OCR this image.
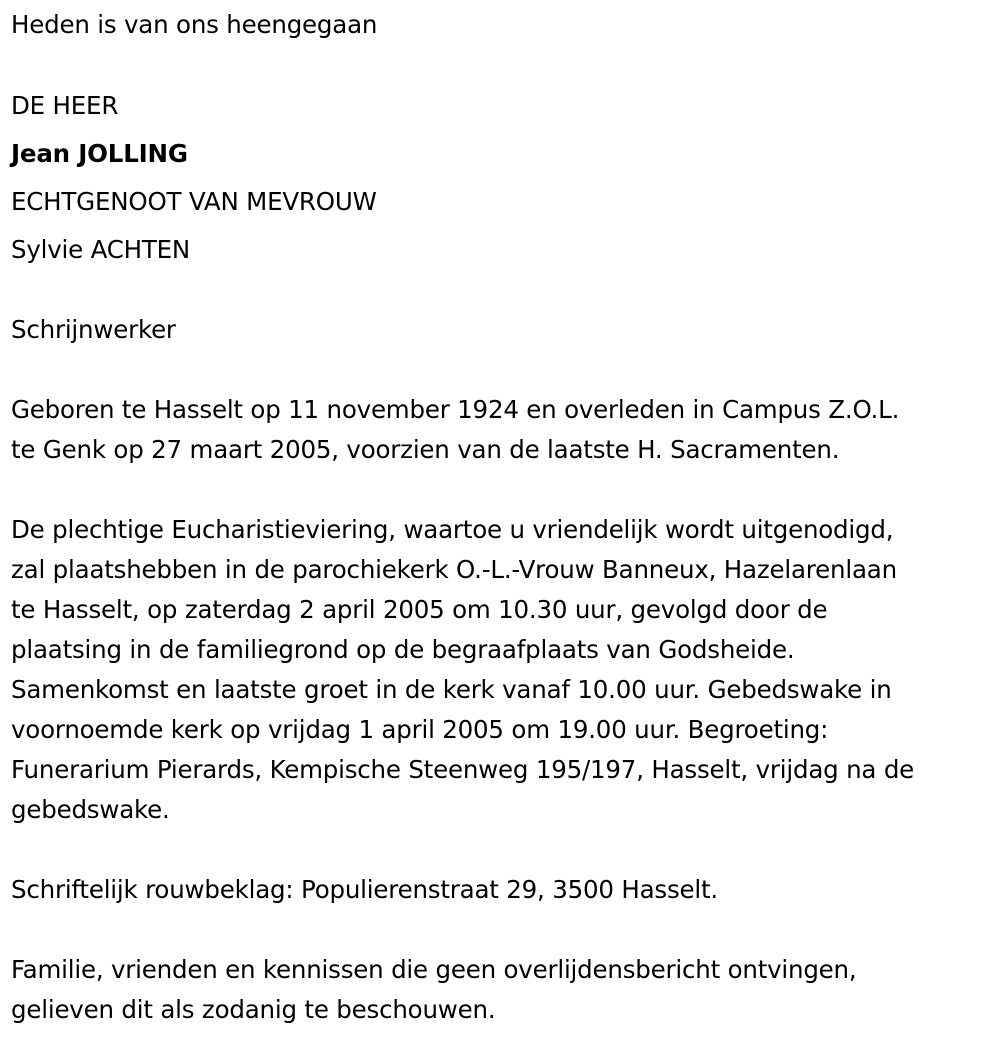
Heden is van ons heengegaan

DE HEER

Jean JOLLING

ECHTGENOOT VAN MEVROUW

Sylvie ACHTEN

Schrijnwerker

Geboren te Hasselt op 11 november 1924 en overleden in Campus Z.O.L.

te Genk op 27 maart 2005, voorzien van de laatste H. Sacramenten.

De plechtige Eucharistieviering, waartoe u vriendelijk wordt uitgenodigd,

zal plaatshebben in de parochiekerk O.-L.-Vrouw Banneux, Hazelarenlaan

te Hasselt, op zaterdag 2 april 2005 om 10.30 uur, gevolgd door de

plaatsing in de familiegrond op de begraafplaats van Godsheide.

Samenkomst en laatste groet in de kerk vanaf 10.00 uur. Gebedswake in

voornoemde kerk op vrijdag 1 april 2005 om 19.00 uur. Begroeting:

Funerarium Pierards, Kempische Steenweg 195/197, Hasselt, vrijdag na de

gebedswake.

Schriftelijk rouwbeklag: Populierenstraat 29, 3500 Hasselt.

Familie, vrienden en kennissen die geen overlijdensbericht ontvingen,

gelieven dit als zodanig te beschouwen.
